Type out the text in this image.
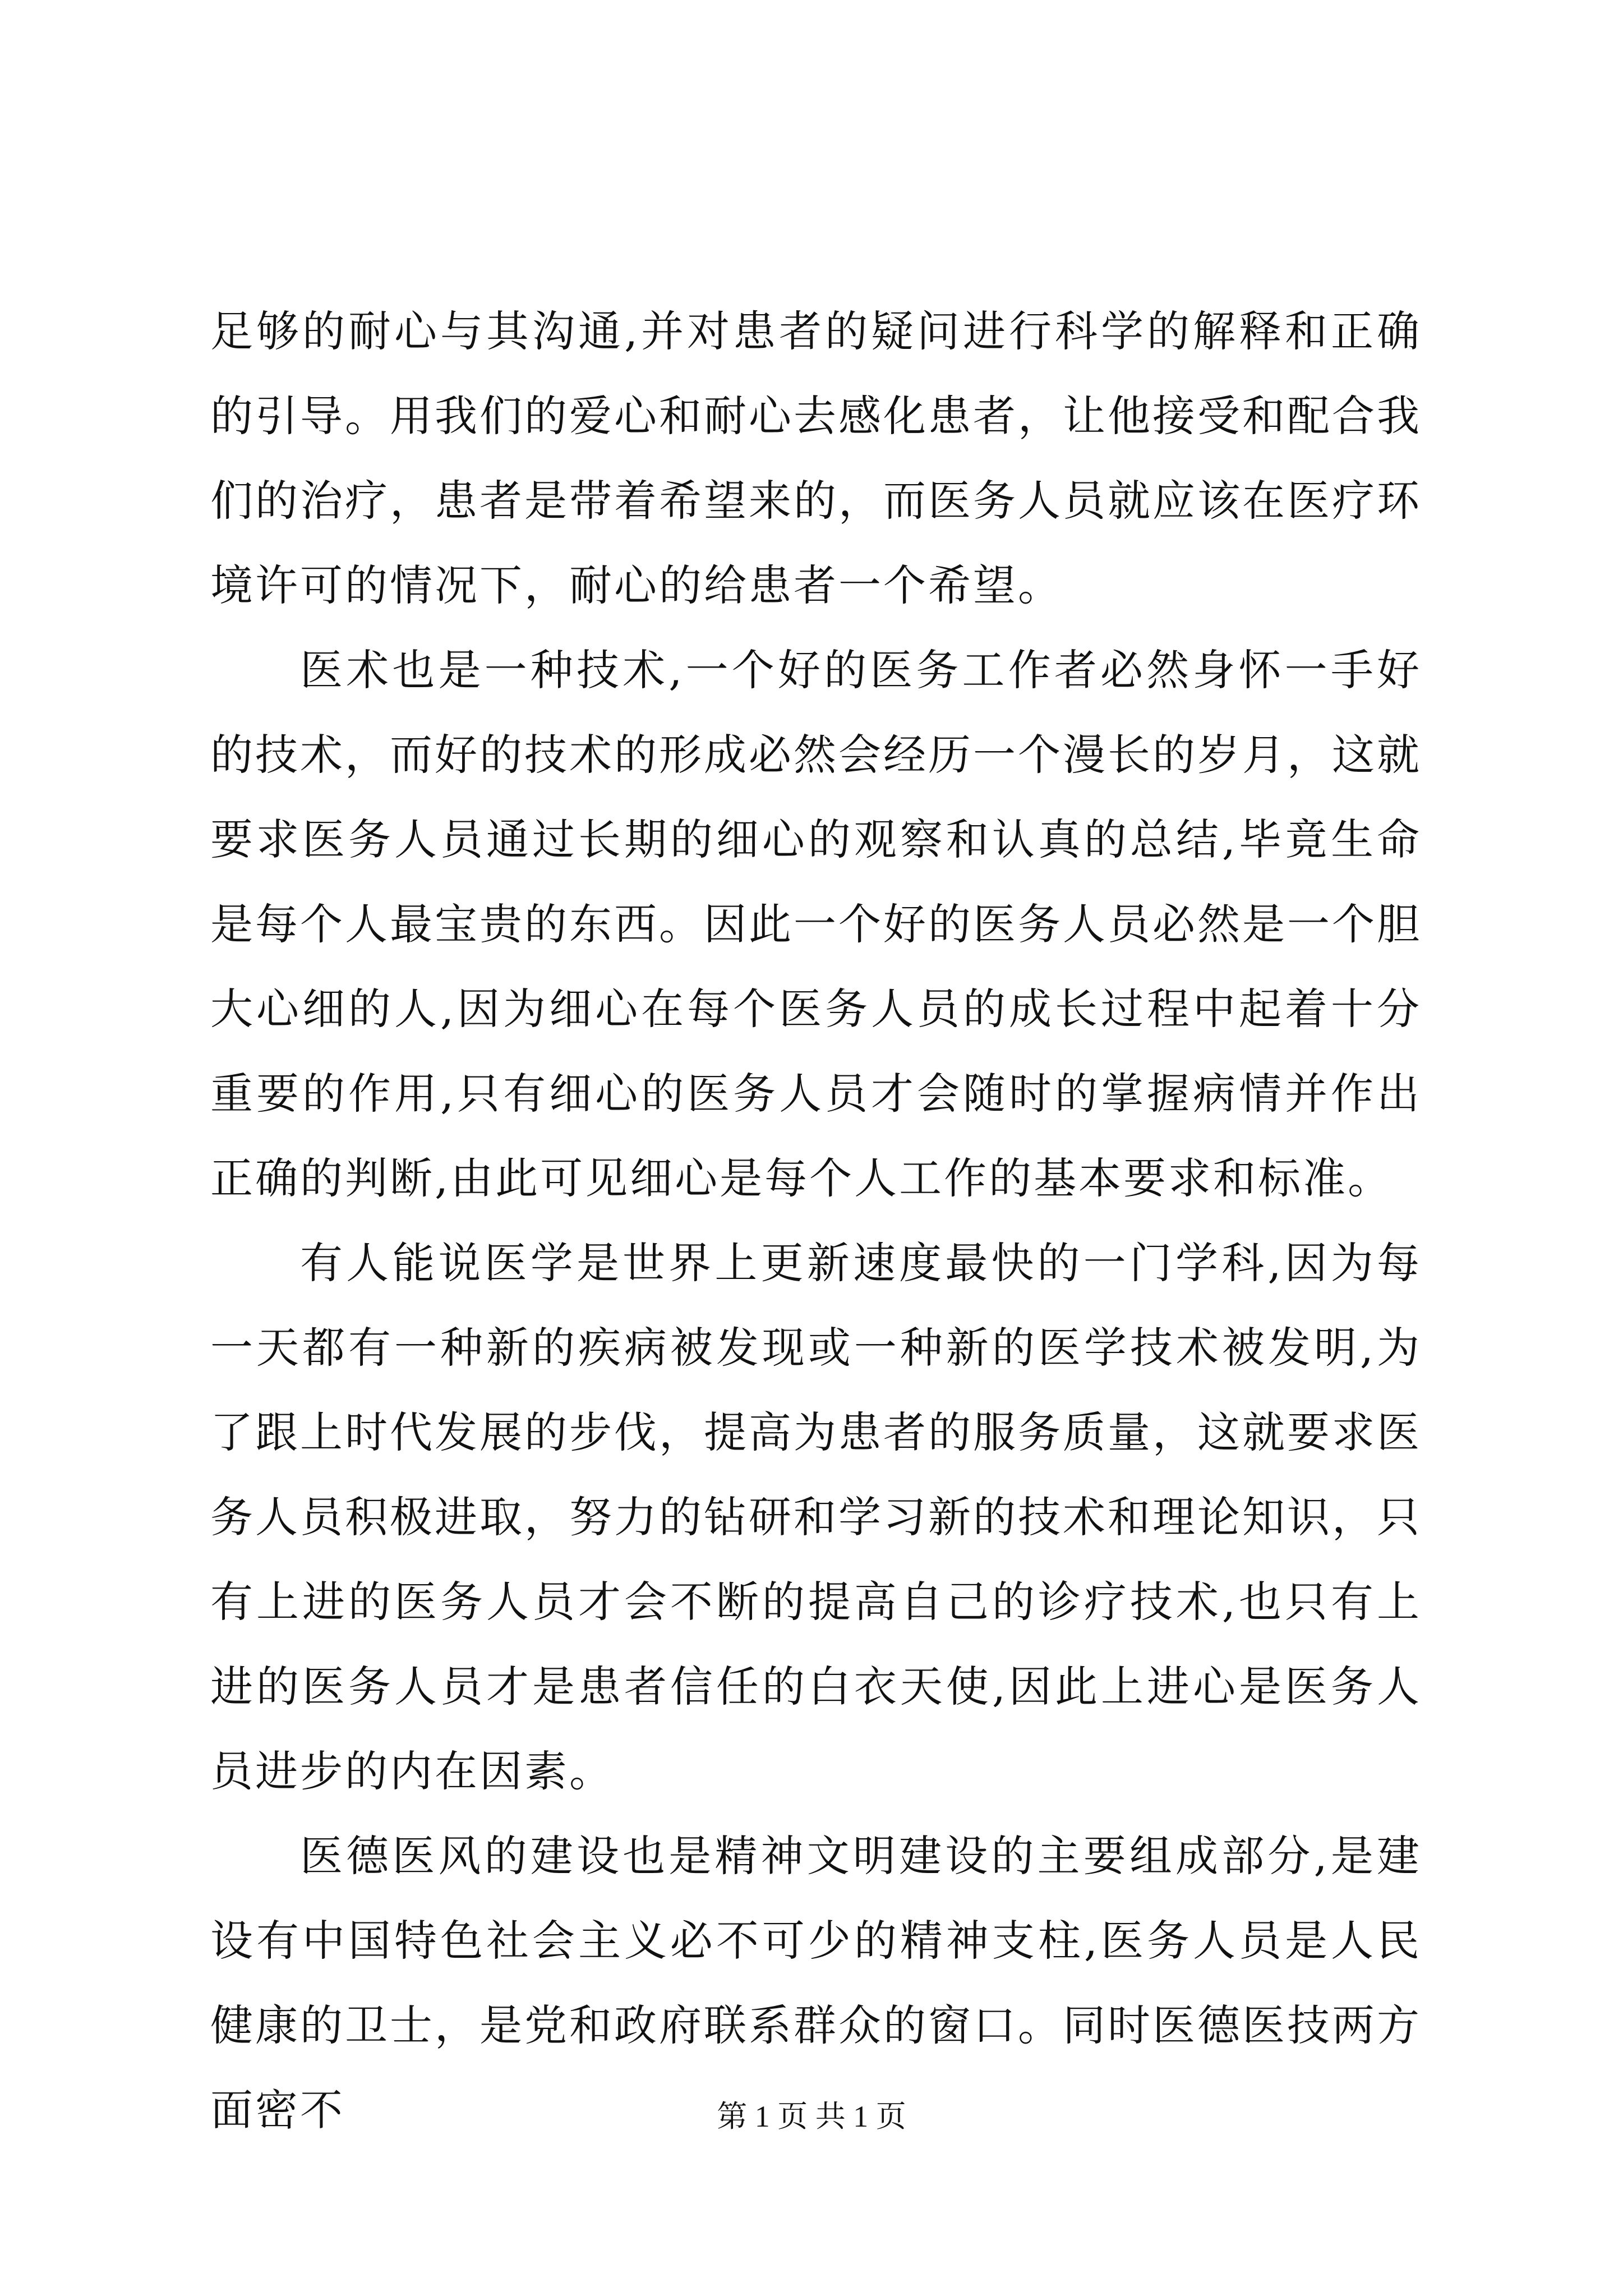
足够的耐心与其沟通,并对患者的疑问进行科学的解释和正确的引导。用我们的爱心和耐心去感化患者，让他接受和配合我们的治疗，患者是带着希望来的，而医务人员就应该在医疗环境许可的情况下，耐心的给患者一个希望。

医术也是一种技术,一个好的医务工作者必然身怀一手好的技术，而好的技术的形成必然会经历一个漫长的岁月，这就要求医务人员通过长期的细心的观察和认真的总结,毕竟生命是每个人最宝贵的东西。因此一个好的医务人员必然是一个胆大心细的人,因为细心在每个医务人员的成长过程中起着十分重要的作用,只有细心的医务人员才会随时的掌握病情并作出正确的判断,由此可见细心是每个人工作的基本要求和标准。

有人能说医学是世界上更新速度最快的一门学科,因为每一天都有一种新的疾病被发现或一种新的医学技术被发明,为了跟上时代发展的步伐，提高为患者的服务质量，这就要求医务人员积极进取，努力的钻研和学习新的技术和理论知识，只有上进的医务人员才会不断的提高自己的诊疗技术,也只有上进的医务人员才是患者信任的白衣天使,因此上进心是医务人员进步的内在因素。

医德医风的建设也是精神文明建设的主要组成部分,是建设有中国特色社会主义必不可少的精神支柱,医务人员是人民健康的卫士，是党和政府联系群众的窗口。同时医德医技两方面密不	第 1 页 共 1 页
